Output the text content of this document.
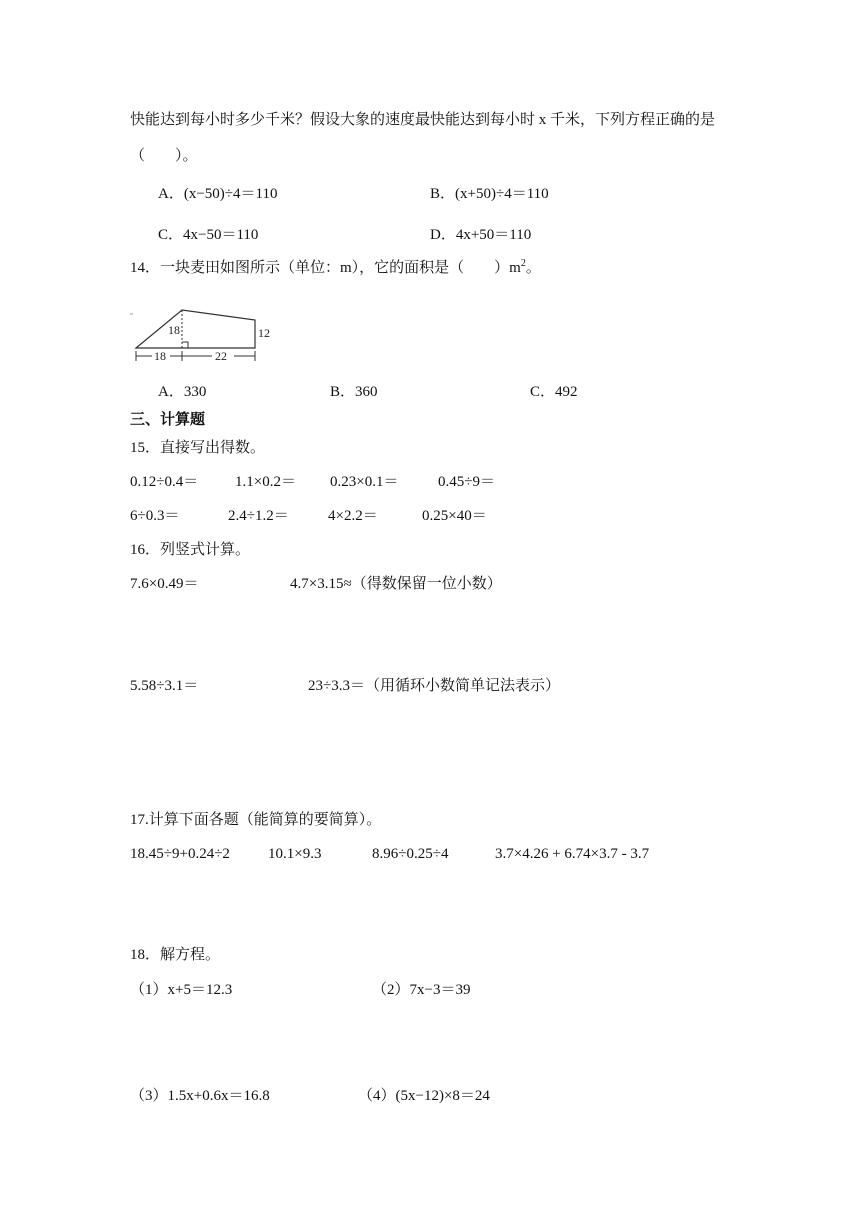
快能达到每小时多少千米？假设大象的速度最快能达到每小时 x 千米，下列方程正确的是
（　　）。
A．(x−50)÷4＝110	B．(x+50)÷4＝110
C．4x−50＝110	D．4x+50＝110
14．一块麦田如图所示（单位：m），它的面积是（　　）$m^2$。
18	12
18	22
A．330	B．360	C．492
三、计算题
15．直接写出得数。
0.12÷0.4＝ 1.1×0.2＝ 0.23×0.1＝	0.45÷9＝
6÷0.3＝	2.4÷1.2＝	4×2.2＝	0.25×40＝
16．列竖式计算。
7.6×0.49＝	4.7×3.15≈（得数保留一位小数）
5.58÷3.1＝	23÷3.3＝（用循环小数简单记法表示）
17.计算下面各题（能简算的要简算）。
18.45÷9+0.24÷2	10.1×9.3	8.96÷0.25÷4	3.7×4.26 + 6.74×3.7 - 3.7
18．解方程。
（1）x+5＝12.3	（2）7x−3＝39
（3）1.5x+0.6x＝16.8	（4）(5x−12)×8＝24
